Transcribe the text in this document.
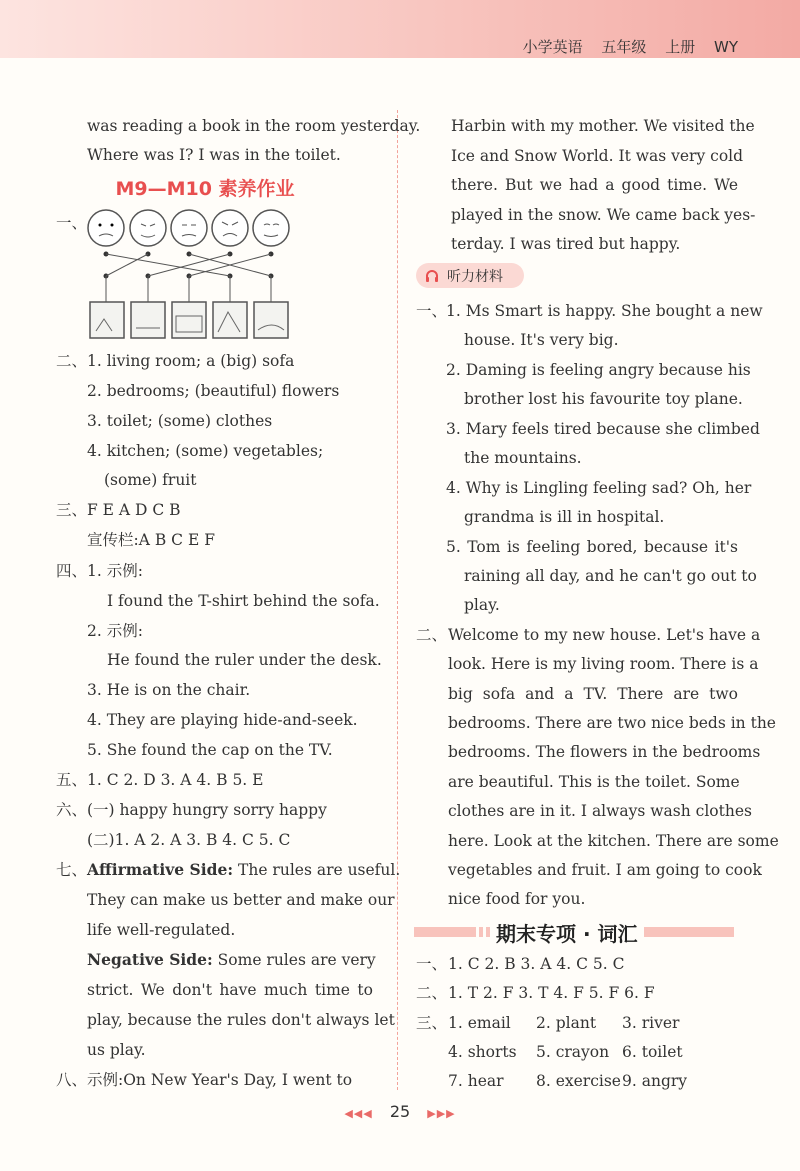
小学英语 五年级 上册 WY
was reading a book in the room yesterday.
Where was I? I was in the toilet.
M9—M10 素养作业
一、
二、 1. living room; a (big) sofa
2. bedrooms; (beautiful) flowers
3. toilet; (some) clothes
4. kitchen; (some) vegetables;
(some) fruit
三、 F E A D C B
宣传栏:A B C E F
四、 1. 示例:
I found the T-shirt behind the sofa.
2. 示例:
He found the ruler under the desk.
3. He is on the chair.
4. They are playing hide-and-seek.
5. She found the cap on the TV.
五、 1. C 2. D 3. A 4. B 5. E
六、 (一) happy hungry sorry happy
(二)1. A 2. A 3. B 4. C 5. C
七、 Affirmative Side: The rules are useful.
They can make us better and make our
life well-regulated.
Negative Side: Some rules are very
strict. We don't have much time to
play, because the rules don't always let
us play.
八、 示例:On New Year's Day, I went to
Harbin with my mother. We visited the
Ice and Snow World. It was very cold
there. But we had a good time. We
played in the snow. We came back yes-
terday. I was tired but happy.
听力材料
一、
1. Ms Smart is happy. She bought a new
house. It's very big.
2. Daming is feeling angry because his
brother lost his favourite toy plane.
3. Mary feels tired because she climbed
the mountains.
4. Why is Lingling feeling sad? Oh, her
grandma is ill in hospital.
5. Tom is feeling bored, because it's
raining all day, and he can't go out to
play.
二、 Welcome to my new house. Let's have a
look. Here is my living room. There is a
big sofa and a TV. There are two
bedrooms. There are two nice beds in the
bedrooms. The flowers in the bedrooms
are beautiful. This is the toilet. Some
clothes are in it. I always wash clothes
here. Look at the kitchen. There are some
vegetables and fruit. I am going to cook
nice food for you.
期末专项 · 词汇
一、 1. C 2. B 3. A 4. C 5. C
二、 1. T 2. F 3. T 4. F 5. F 6. F
三、 1. email 2. plant 3. river
4. shorts 5. crayon 6. toilet
7. hear 8. exercise 9. angry
◀◀◀ 25 ▶▶▶
